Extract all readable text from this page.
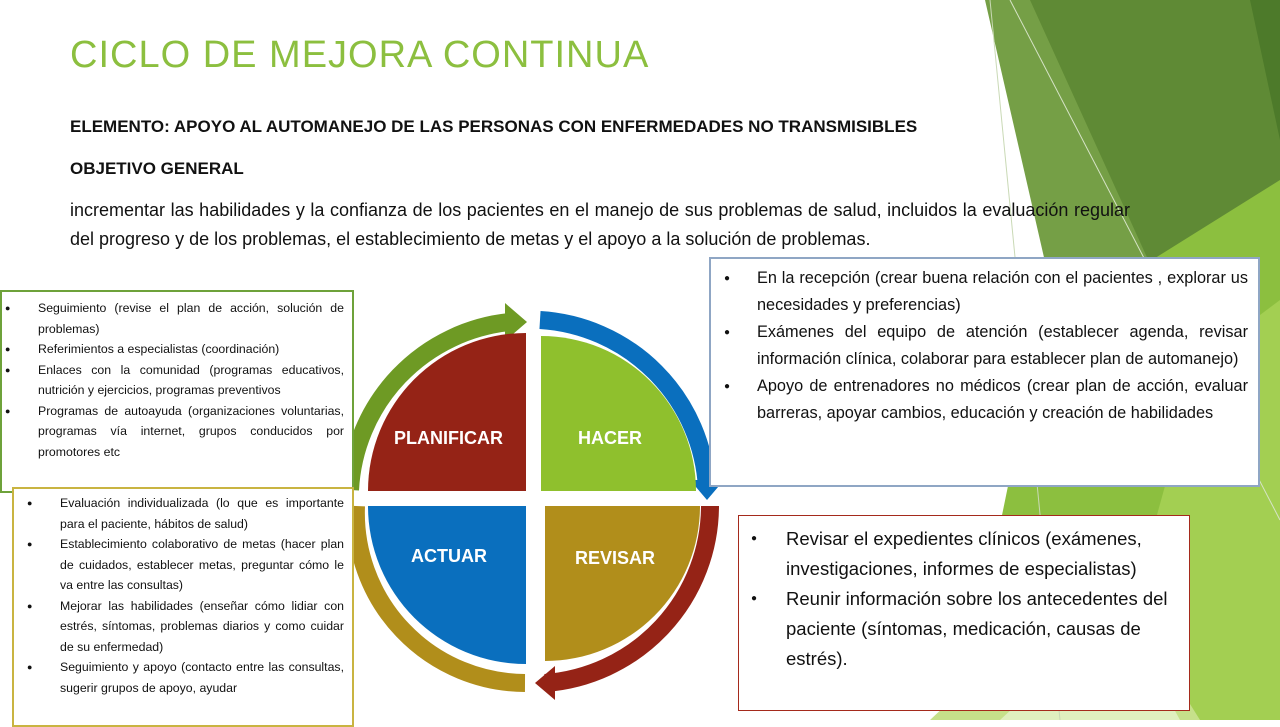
CICLO DE MEJORA CONTINUA
ELEMENTO: APOYO AL AUTOMANEJO DE LAS PERSONAS CON ENFERMEDADES NO TRANSMISIBLES
OBJETIVO GENERAL
incrementar las habilidades y la confianza de los pacientes en el manejo de sus problemas de salud, incluidos la evaluación regular del progreso y de los problemas, el establecimiento de metas y el apoyo a la solución de problemas.
PLANIFICAR	HACER
ACTUAR	REVISAR
● Seguimiento (revise el plan de acción, solución de problemas)
● Referimientos a especialistas (coordinación)
● Enlaces con la comunidad (programas educativos, nutrición y ejercicios, programas preventivos
● Programas de autoayuda (organizaciones voluntarias, programas vía internet, grupos conducidos por promotores etc
● Evaluación individualizada (lo que es importante para el paciente, hábitos de salud)
● Establecimiento colaborativo de metas (hacer plan de cuidados, establecer metas, preguntar cómo le va entre las consultas)
● Mejorar las habilidades (enseñar cómo lidiar con estrés, síntomas, problemas diarios y como cuidar de su enfermedad)
● Seguimiento y apoyo (contacto entre las consultas, sugerir grupos de apoyo, ayudar
● En la recepción (crear buena relación con el pacientes , explorar us necesidades y preferencias)
● Exámenes del equipo de atención (establecer agenda, revisar información clínica, colaborar para establecer plan de automanejo)
● Apoyo de entrenadores no médicos (crear plan de acción, evaluar barreras, apoyar cambios, educación y creación de habilidades
● Revisar el expedientes clínicos (exámenes, investigaciones, informes de especialistas)
● Reunir información sobre los antecedentes del paciente (síntomas, medicación, causas de estrés).
